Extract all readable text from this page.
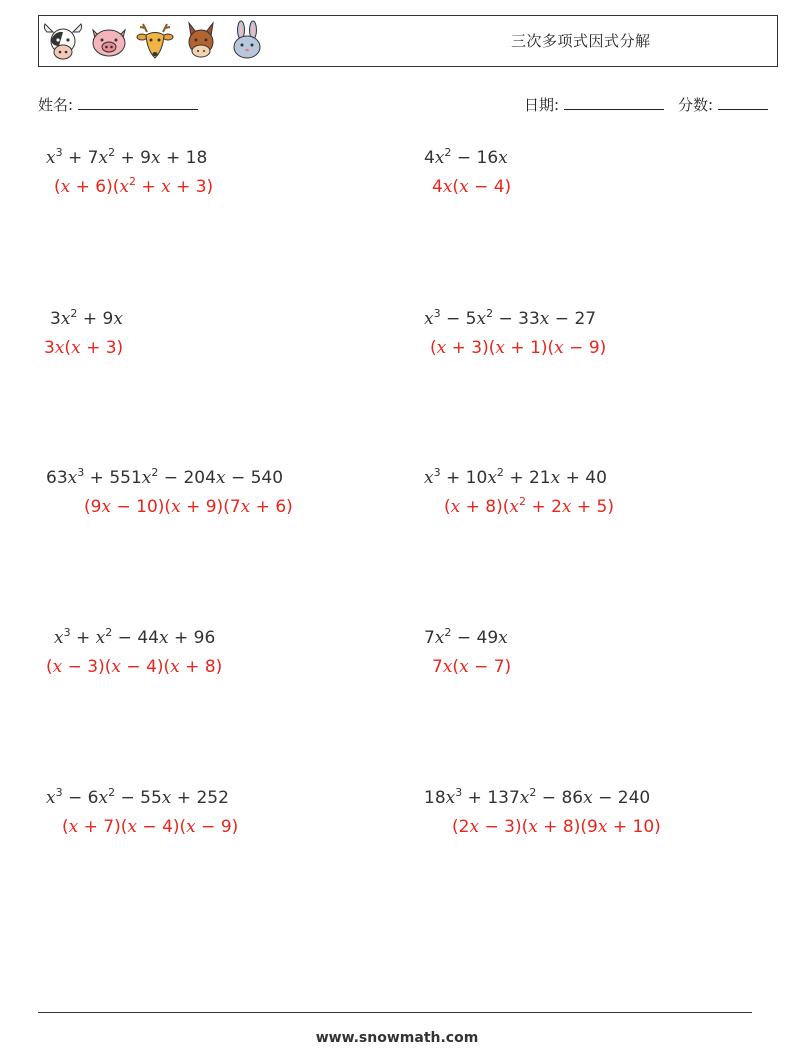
三次多项式因式分解
姓名:	日期:	分数:
$x^3 + 7x^2 + 9x + 18$
$(x + 6)(x^2 + x + 3)$
$4x^2 - 16x$
4x(x − 4)
$3x^2 + 9x$
3x(x + 3)
$x^3 - 5x^2 - 33x - 27$
(x + 3)(x + 1)(x − 9)
$63x^3 + 551x^2 - 204x - 540$
(9x − 10)(x + 9)(7x + 6)
$x^3 + 10x^2 + 21x + 40$
$(x + 8)(x^2 + 2x + 5)$
$x^3 + x^2 - 44x + 96$
(x − 3)(x − 4)(x + 8)
$7x^2 - 49x$
7x(x − 7)
$x^3 - 6x^2 - 55x + 252$
(x + 7)(x − 4)(x − 9)
$18x^3 + 137x^2 - 86x - 240$
(2x − 3)(x + 8)(9x + 10)
www.snowmath.com
